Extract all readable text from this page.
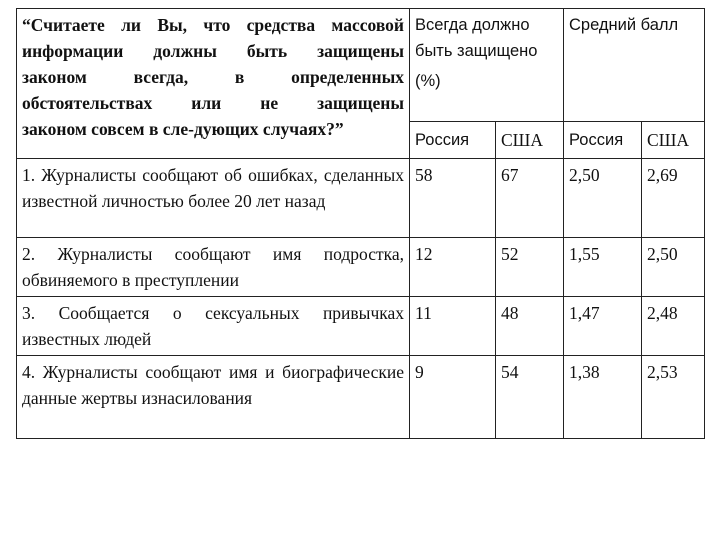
“Считаете ли Вы, что средства массовой
информации должны быть защищены
законом всегда, в определенных
обстоятельствах или не защищены

законом совсем в сле-дующих случаях?”	Всегда должно быть защищено
(%)		Средний балл	
	Россия	США	Россия	США
1. Журналисты сообщают об ошибках, сделанных известной личностью более 20 лет назад	58	67	2,50	2,69
2. Журналисты сообщают имя подростка, обвиняемого в преступлении	12	52	1,55	2,50
3. Сообщается о сексуальных привычках известных людей	11	48	1,47	2,48
4. Журналисты сообщают имя и биографические данные жертвы изнасилования	9	54	1,38	2,53
